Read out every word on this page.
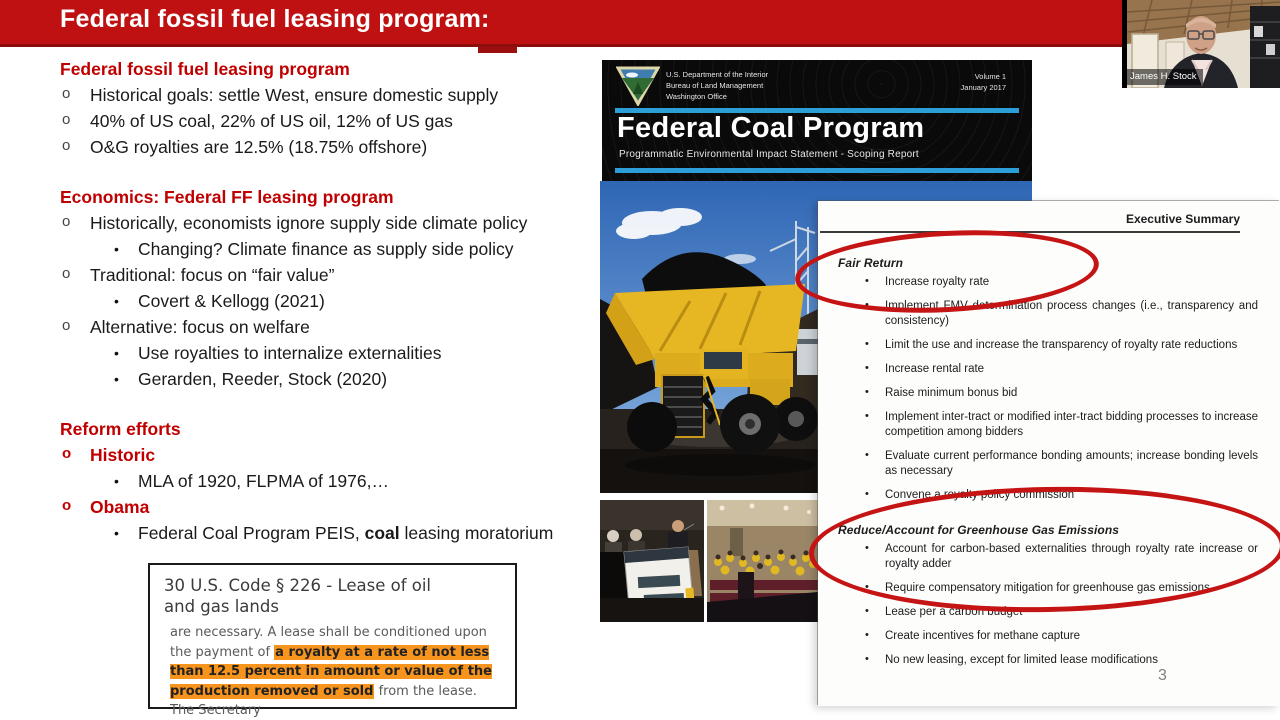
Federal fossil fuel leasing program:
Federal fossil fuel leasing program
o Historical goals: settle West, ensure domestic supply
o 40% of US coal, 22% of US oil, 12% of US gas
o O&G royalties are 12.5% (18.75% offshore)
Economics: Federal FF leasing program
o Historically, economists ignore supply side climate policy
• Changing? Climate finance as supply side policy
o Traditional: focus on “fair value”
• Covert & Kellogg (2021)
o Alternative: focus on welfare
• Use royalties to internalize externalities
• Gerarden, Reeder, Stock (2020)
Reform efforts
o Historic
• MLA of 1920, FLPMA of 1976,…
o Obama
• Federal Coal Program PEIS, coal leasing moratorium
30 U.S. Code § 226 - Lease of oil and gas lands
are necessary. A lease shall be conditioned upon the payment of a royalty at a rate of not less than 12.5 percent in amount or value of the production removed or sold from the lease. The Secretary
U.S. Department of the Interior
Bureau of Land Management
Washington Office
Volume 1
January 2017
Federal Coal Program
Programmatic Environmental Impact Statement - Scoping Report
Executive Summary
Fair Return
• Increase royalty rate
• Implement FMV determination process changes (i.e., transparency and consistency)
• Limit the use and increase the transparency of royalty rate reductions
• Increase rental rate
• Raise minimum bonus bid
• Implement inter-tract or modified inter-tract bidding processes to increase competition among bidders
• Evaluate current performance bonding amounts; increase bonding levels as necessary
• Convene a royalty policy commission
Reduce/Account for Greenhouse Gas Emissions
• Account for carbon-based externalities through royalty rate increase or royalty adder
• Require compensatory mitigation for greenhouse gas emissions
• Lease per a carbon budget
• Create incentives for methane capture
• No new leasing, except for limited lease modifications
3
James H. Stock
